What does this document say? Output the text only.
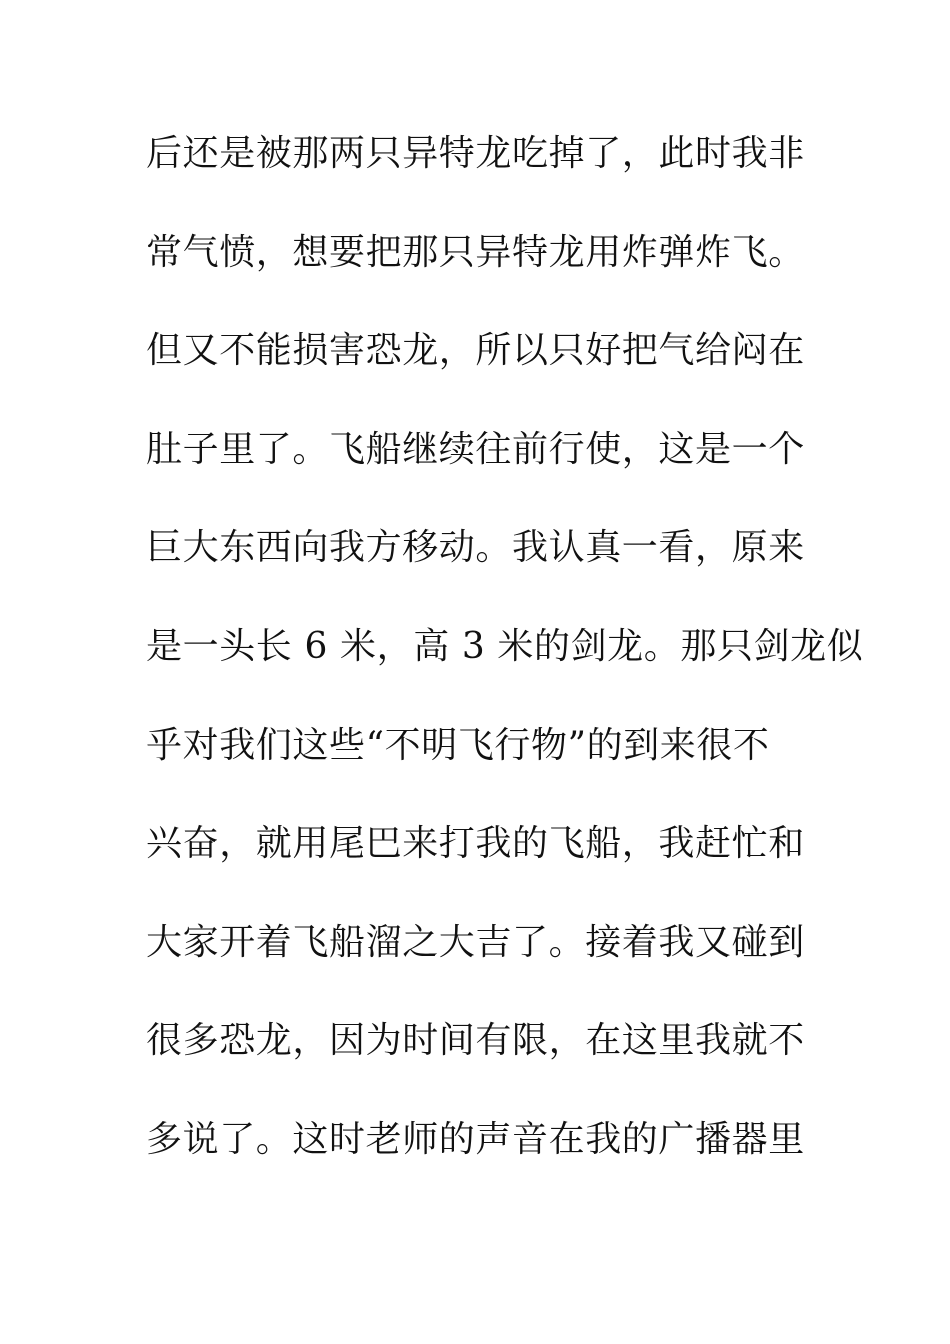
后还是被那两只异特龙吃掉了，此时我非
常气愤，想要把那只异特龙用炸弹炸飞。
但又不能损害恐龙，所以只好把气给闷在
肚子里了。飞船继续往前行使，这是一个
巨大东西向我方移动。我认真一看，原来
是一头长 6 米，高 3 米的剑龙。那只剑龙似
乎对我们这些“不明飞行物”的到来很不
兴奋，就用尾巴来打我的飞船，我赶忙和
大家开着飞船溜之大吉了。接着我又碰到
很多恐龙，因为时间有限，在这里我就不
多说了。这时老师的声音在我的广播器里
